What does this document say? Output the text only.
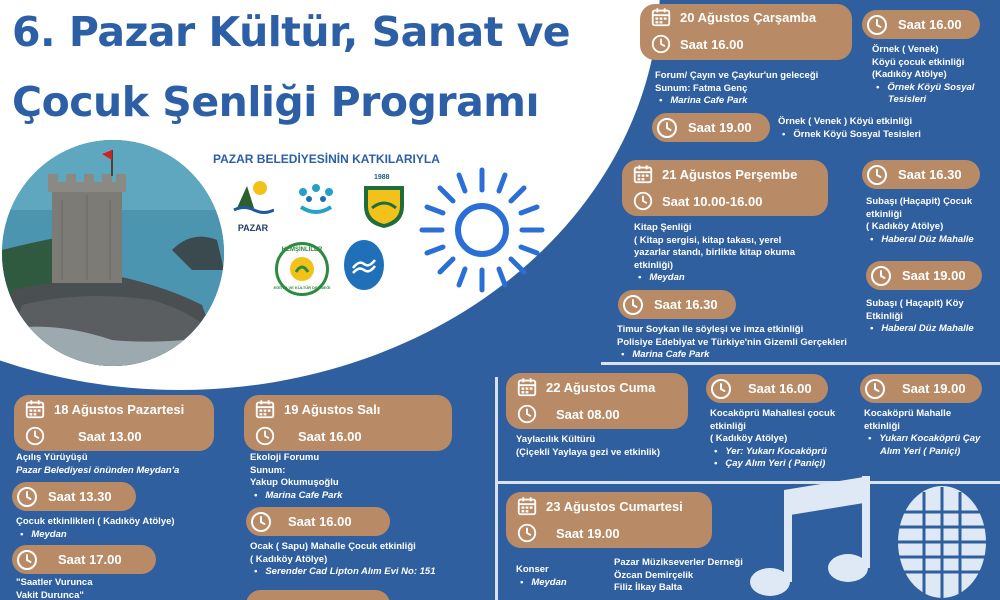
6. Pazar Kültür, Sanat ve
Çocuk Şenliği Programı
PAZAR BELEDİYESİNİN KATKILARIYLA
PAZAR
1988
HEMŞİNLİLER
EĞİTİM VE KÜLTÜR DERNEĞİ
20 Ağustos Çarşamba
Saat 16.00
Forum/ Çayın ve Çaykur'un geleceği
Sunum: Fatma Genç
• Marina Cafe Park
Saat 19.00	Örnek ( Venek ) Köyü etkinliği
• Örnek Köyü Sosyal Tesisleri
Saat 16.00
Örnek ( Venek)
Köyü çocuk etkinliği
(Kadıköy Atölye)
• Örnek Köyü Sosyal
Tesisleri
21 Ağustos Perşembe
Saat 10.00-16.00
Kitap Şenliği
( Kitap sergisi, kitap takası, yerel
yazarlar standı, birlikte kitap okuma
etkinliği)
• Meydan
Saat 16.30
Timur Soykan ile söyleşi ve imza etkinliği
Polisiye Edebiyat ve Türkiye'nin Gizemli Gerçekleri
• Marina Cafe Park
Saat 16.30
Subaşı (Haçapit) Çocuk
etkinliği
( Kadıköy Atölye)
• Haberal Düz Mahalle
Saat 19.00
Subaşı ( Haçapit) Köy
Etkinliği
• Haberal Düz Mahalle
18 Ağustos Pazartesi
Saat 13.00
Açılış Yürüyüşü
Pazar Belediyesi önünden Meydan'a
Saat 13.30
Çocuk etkinlikleri ( Kadıköy Atölye)
• Meydan
Saat 17.00
"Saatler Vurunca
Vakit Durunca"
19 Ağustos Salı
Saat 16.00
Ekoloji Forumu
Sunum:
Yakup Okumuşoğlu
• Marina Cafe Park
Saat 16.00
Ocak ( Sapu) Mahalle Çocuk etkinliği
( Kadıköy Atölye)
• Serender Cad Lipton Alım Evi No: 151
22 Ağustos Cuma
Saat 08.00
Yaylacılık Kültürü
(Çiçekli Yaylaya gezi ve etkinlik)
Saat 16.00
Kocaköprü Mahallesi çocuk
etkinliği
( Kadıköy Atölye)
• Yer: Yukarı Kocaköprü
• Çay Alım Yeri ( Paniçi)
Saat 19.00
Kocaköprü Mahalle
etkinliği
• Yukarı Kocaköprü Çay
Alım Yeri ( Paniçi)
23 Ağustos Cumartesi
Saat 19.00
Konser
• Meydan
Pazar Müzikseverler Derneği
Özcan Demirçelik
Filiz İlkay Balta
